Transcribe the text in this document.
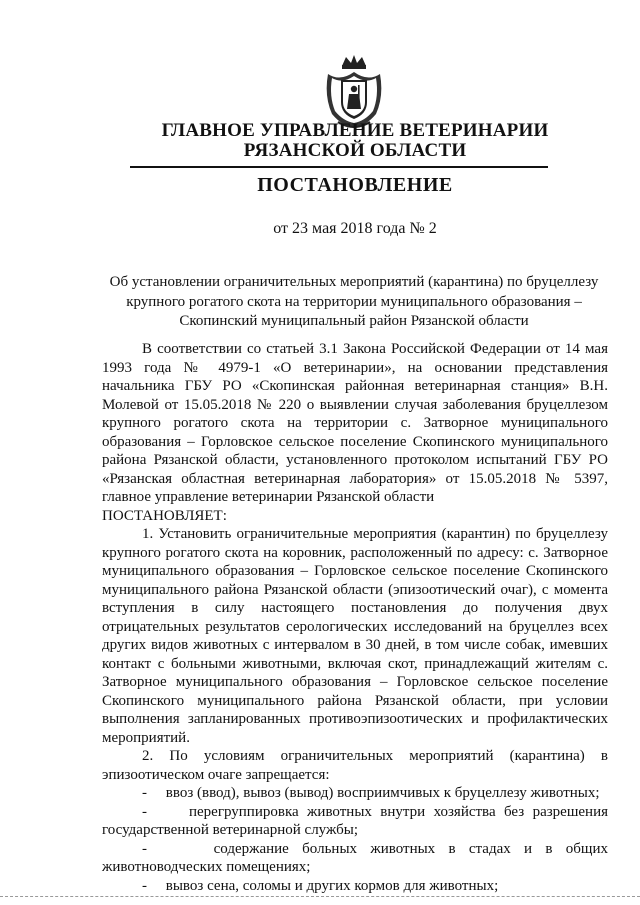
ГЛАВНОЕ УПРАВЛЕНИЕ ВЕТЕРИНАРИИ
РЯЗАНСКОЙ ОБЛАСТИ
ПОСТАНОВЛЕНИЕ
от 23 мая 2018 года № 2
Об установлении ограничительных мероприятий (карантина) по бруцеллезу крупного рогатого скота на территории муниципального образования – Скопинский муниципальный район Рязанской области

В соответствии со статьей 3.1 Закона Российской Федерации от 14 мая 1993 года № 4979-1 «О ветеринарии», на основании представления начальника ГБУ РО «Скопинская районная ветеринарная станция» В.Н. Молевой от 15.05.2018 № 220 о выявлении случая заболевания бруцеллезом крупного рогатого скота на территории с. Затворное муниципального образования – Горловское сельское поселение Скопинского муниципального района Рязанской области, установленного протоколом испытаний ГБУ РО «Рязанская областная ветеринарная лаборатория» от 15.05.2018 № 5397, главное управление ветеринарии Рязанской области

ПОСТАНОВЛЯЕТ:

1. Установить ограничительные мероприятия (карантин) по бруцеллезу крупного рогатого скота на коровник, расположенный по адресу: с. Затворное муниципального образования – Горловское сельское поселение Скопинского муниципального района Рязанской области (эпизоотический очаг), с момента вступления в силу настоящего постановления до получения двух отрицательных результатов серологических исследований на бруцеллез всех других видов животных с интервалом в 30 дней, в том числе собак, имевших контакт с больными животными, включая скот, принадлежащий жителям с. Затворное муниципального образования – Горловское сельское поселение Скопинского муниципального района Рязанской области, при условии выполнения запланированных противоэпизоотических и профилактических мероприятий.

2. По условиям ограничительных мероприятий (карантина) в эпизоотическом очаге запрещается:

- ввоз (ввод), вывоз (вывод) восприимчивых к бруцеллезу животных;

-	перегруппировка животных внутри хозяйства без разрешения государственной ветеринарной службы;

-	содержание больных животных в стадах и в общих животноводческих помещениях;

- вывоз сена, соломы и других кормов для животных;
